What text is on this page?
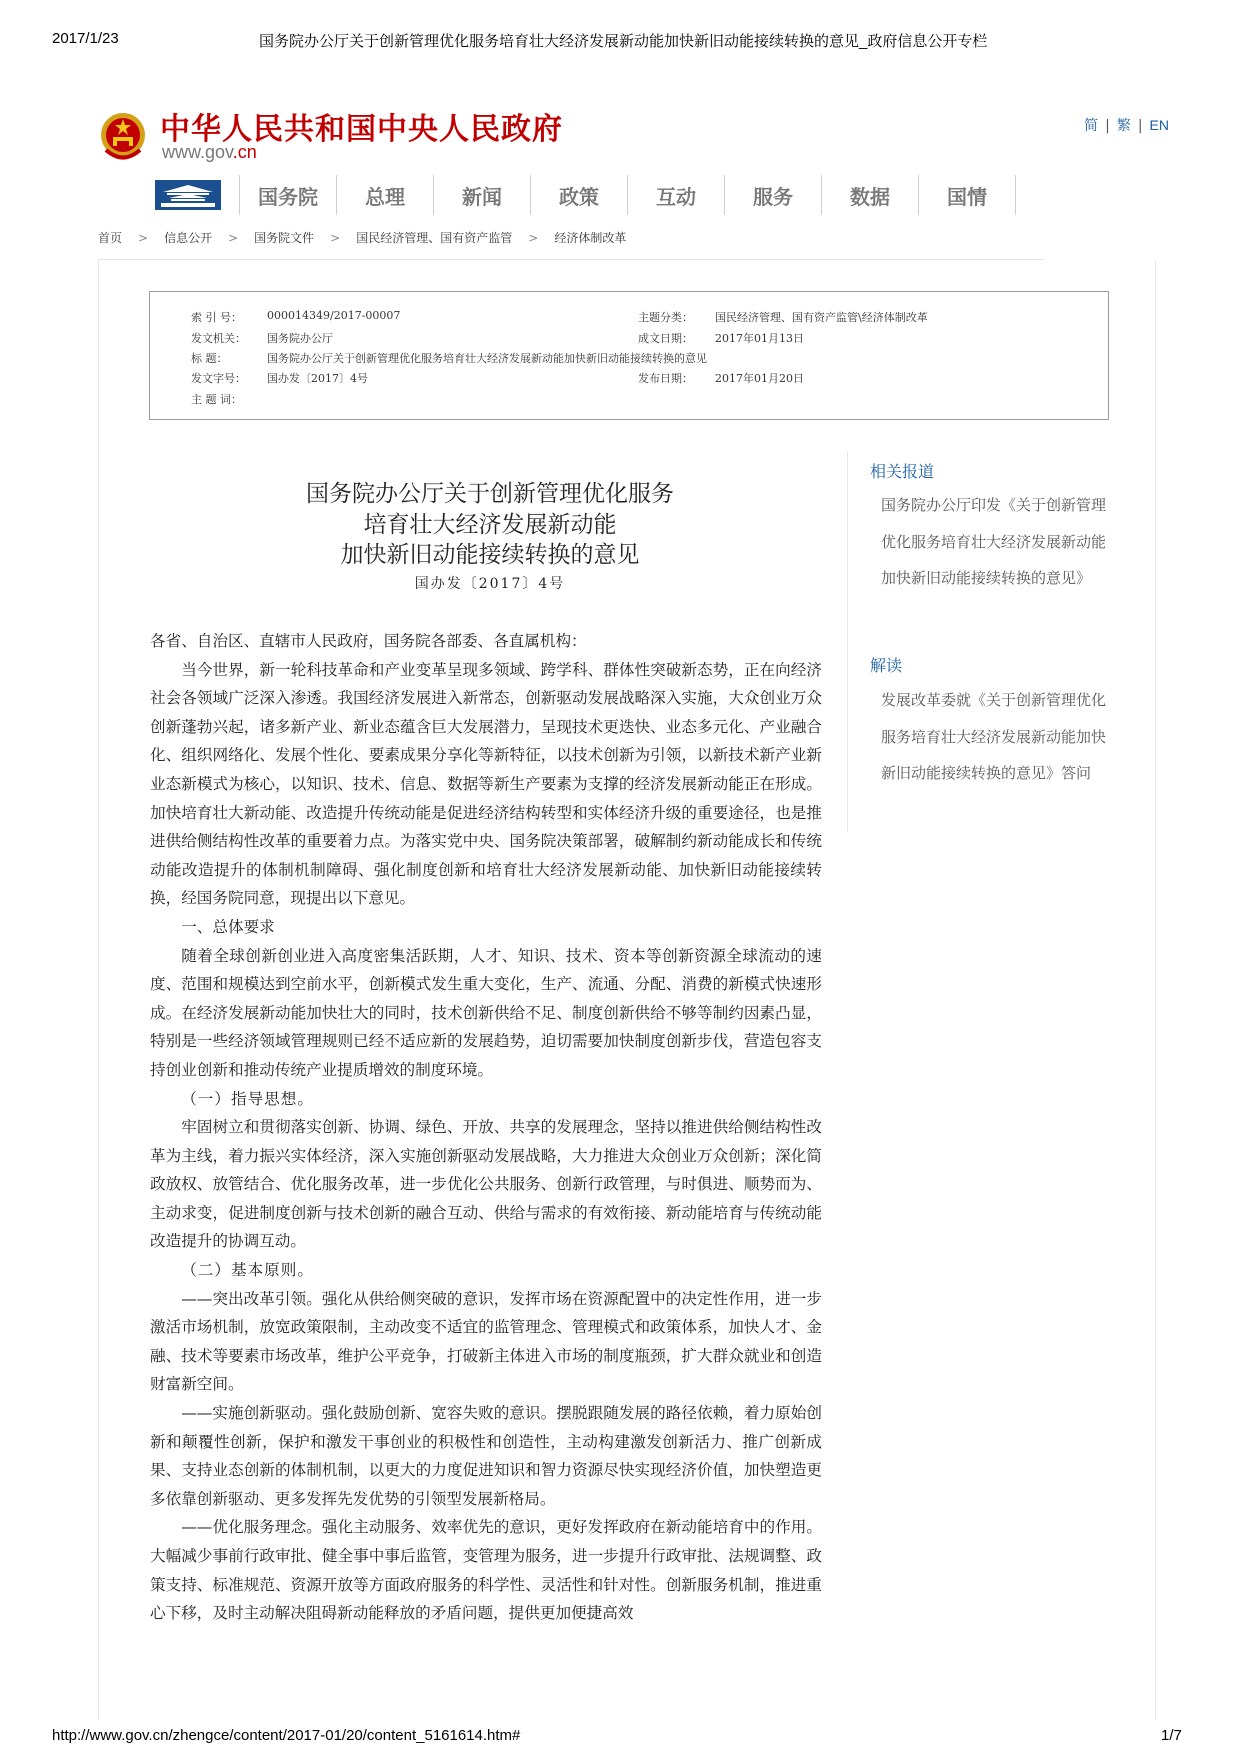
2017/1/23	国务院办公厅关于创新管理优化服务培育壮大经济发展新动能加快新旧动能接续转换的意见_政府信息公开专栏
中华人民共和国中央人民政府
www.gov.cn
简 | 繁 | EN
国务院	总理	新闻	政策	互动	服务	数据	国情
首页 > 信息公开 > 国务院文件 > 国民经济管理、国有资产监管 > 经济体制改革
索 引 号： 000014349/2017-00007	主题分类： 国民经济管理、国有资产监管\经济体制改革
发文机关： 国务院办公厅	成文日期： 2017年01月13日
标 题：	国务院办公厅关于创新管理优化服务培育壮大经济发展新动能加快新旧动能接续转换的意见
发文字号： 国办发〔2017〕4号	发布日期： 2017年01月20日
主 题 词：
相关报道
国务院办公厅印发《关于创新管理优化服务培育壮大经济发展新动能加快新旧动能接续转换的意见》
解读
发展改革委就《关于创新管理优化服务培育壮大经济发展新动能加快新旧动能接续转换的意见》答问
国务院办公厅关于创新管理优化服务
培育壮大经济发展新动能
加快新旧动能接续转换的意见
国办发〔2017〕4号

各省、自治区、直辖市人民政府，国务院各部委、各直属机构：

当今世界，新一轮科技革命和产业变革呈现多领域、跨学科、群体性突破新态势，正在向经济社会各领域广泛深入渗透。我国经济发展进入新常态，创新驱动发展战略深入实施，大众创业万众创新蓬勃兴起，诸多新产业、新业态蕴含巨大发展潜力，呈现技术更迭快、业态多元化、产业融合化、组织网络化、发展个性化、要素成果分享化等新特征，以技术创新为引领，以新技术新产业新业态新模式为核心，以知识、技术、信息、数据等新生产要素为支撑的经济发展新动能正在形成。加快培育壮大新动能、改造提升传统动能是促进经济结构转型和实体经济升级的重要途径，也是推进供给侧结构性改革的重要着力点。为落实党中央、国务院决策部署，破解制约新动能成长和传统动能改造提升的体制机制障碍、强化制度创新和培育壮大经济发展新动能、加快新旧动能接续转换，经国务院同意，现提出以下意见。

一、总体要求

随着全球创新创业进入高度密集活跃期，人才、知识、技术、资本等创新资源全球流动的速度、范围和规模达到空前水平，创新模式发生重大变化，生产、流通、分配、消费的新模式快速形成。在经济发展新动能加快壮大的同时，技术创新供给不足、制度创新供给不够等制约因素凸显，特别是一些经济领域管理规则已经不适应新的发展趋势，迫切需要加快制度创新步伐，营造包容支持创业创新和推动传统产业提质增效的制度环境。

（一）指导思想。

牢固树立和贯彻落实创新、协调、绿色、开放、共享的发展理念，坚持以推进供给侧结构性改革为主线，着力振兴实体经济，深入实施创新驱动发展战略，大力推进大众创业万众创新；深化简政放权、放管结合、优化服务改革，进一步优化公共服务、创新行政管理，与时俱进、顺势而为、主动求变，促进制度创新与技术创新的融合互动、供给与需求的有效衔接、新动能培育与传统动能改造提升的协调互动。

（二）基本原则。

——突出改革引领。强化从供给侧突破的意识，发挥市场在资源配置中的决定性作用，进一步激活市场机制，放宽政策限制，主动改变不适宜的监管理念、管理模式和政策体系，加快人才、金融、技术等要素市场改革，维护公平竞争，打破新主体进入市场的制度瓶颈，扩大群众就业和创造财富新空间。

——实施创新驱动。强化鼓励创新、宽容失败的意识。摆脱跟随发展的路径依赖，着力原始创新和颠覆性创新，保护和激发干事创业的积极性和创造性，主动构建激发创新活力、推广创新成果、支持业态创新的体制机制，以更大的力度促进知识和智力资源尽快实现经济价值，加快塑造更多依靠创新驱动、更多发挥先发优势的引领型发展新格局。

——优化服务理念。强化主动服务、效率优先的意识，更好发挥政府在新动能培育中的作用。大幅减少事前行政审批、健全事中事后监管，变管理为服务，进一步提升行政审批、法规调整、政策支持、标准规范、资源开放等方面政府服务的科学性、灵活性和针对性。创新服务机制，推进重心下移，及时主动解决阻碍新动能释放的矛盾问题，提供更加便捷高效

http://www.gov.cn/zhengce/content/2017-01/20/content_5161614.htm#	1/7
